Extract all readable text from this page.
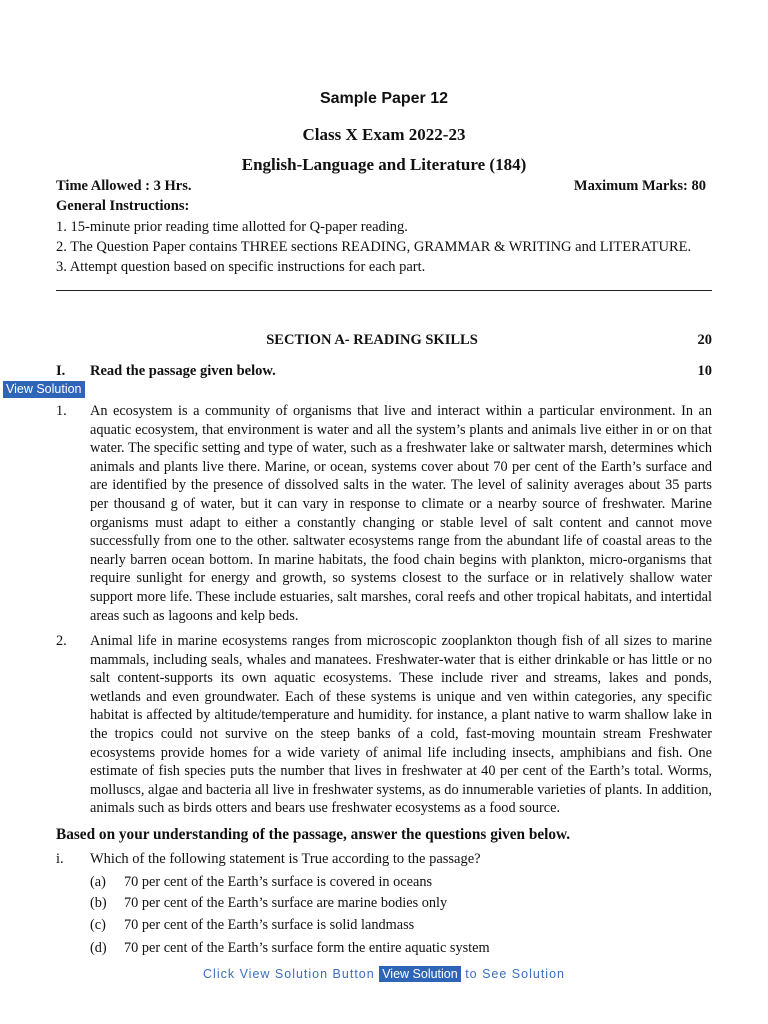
Sample Paper 12
Class X Exam 2022-23
English-Language and Literature (184)
Time Allowed : 3 Hrs.	Maximum Marks: 80
General Instructions:
1. 15-minute prior reading time allotted for Q-paper reading.
2. The Question Paper contains THREE sections READING, GRAMMAR & WRITING and LITERATURE.
3. Attempt question based on specific instructions for each part.
SECTION A- READING SKILLS	20
I. Read the passage given below.	10
View Solution
1. An ecosystem is a community of organisms that live and interact within a particular environment. In an aquatic ecosystem, that environment is water and all the system’s plants and animals live either in or on that water. The specific setting and type of water, such as a freshwater lake or saltwater marsh, determines which animals and plants live there. Marine, or ocean, systems cover about 70 per cent of the Earth’s surface and are identified by the presence of dissolved salts in the water. The level of salinity averages about 35 parts per thousand g of water, but it can vary in response to climate or a nearby source of freshwater. Marine organisms must adapt to either a constantly changing or stable level of salt content and cannot move successfully from one to the other. saltwater ecosystems range from the abundant life of coastal areas to the nearly barren ocean bottom. In marine habitats, the food chain begins with plankton, micro-organisms that require sunlight for energy and growth, so systems closest to the surface or in relatively shallow water support more life. These include estuaries, salt marshes, coral reefs and other tropical habitats, and intertidal areas such as lagoons and kelp beds.
2. Animal life in marine ecosystems ranges from microscopic zooplankton though fish of all sizes to marine mammals, including seals, whales and manatees. Freshwater-water that is either drinkable or has little or no salt content-supports its own aquatic ecosystems. These include river and streams, lakes and ponds, wetlands and even groundwater. Each of these systems is unique and ven within categories, any specific habitat is affected by altitude/temperature and humidity. for instance, a plant native to warm shallow lake in the tropics could not survive on the steep banks of a cold, fast-moving mountain stream Freshwater ecosystems provide homes for a wide variety of animal life including insects, amphibians and fish. One estimate of fish species puts the number that lives in freshwater at 40 per cent of the Earth’s total. Worms, molluscs, algae and bacteria all live in freshwater systems, as do innumerable varieties of plants. In addition, animals such as birds otters and bears use freshwater ecosystems as a food source.
Based on your understanding of the passage, answer the questions given below.
i. Which of the following statement is True according to the passage?
(a) 70 per cent of the Earth’s surface is covered in oceans
(b) 70 per cent of the Earth’s surface are marine bodies only
(c) 70 per cent of the Earth’s surface is solid landmass
(d) 70 per cent of the Earth’s surface form the entire aquatic system
Click View Solution Button View Solution to See Solution
